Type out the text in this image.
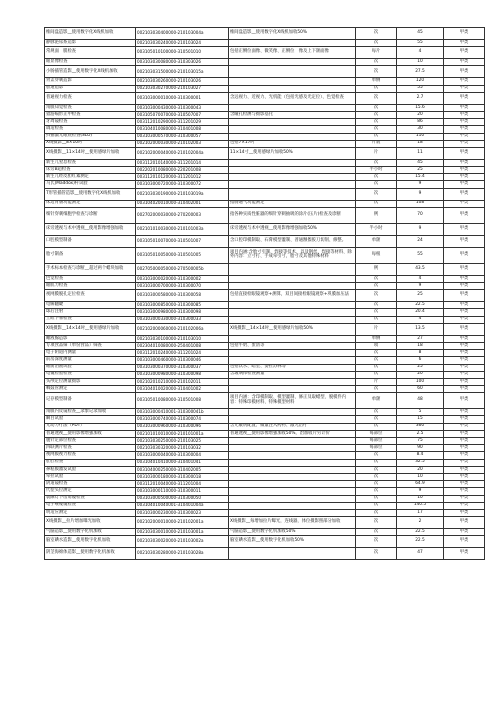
椎间盘造影__使用数字化X线机加收	002103030400000-210103004a	椎间盘造影__使用数字化X线机加收50%	次	45	甲类
静脉泌尿系造影	002103030240000-210103024		次	55	甲类
常规面　膜检查	003105010100000-310501010	包括正侧位面像、微笑像、正侧位　像及上下颌面像	每片	4	甲类
眼显像检查	003103030080000-310303026		次	10	甲类
小肠插管造影__使用数字化X线机加收	002103031500000-210103015a		次	27.5	甲类
肾盂穿刺造影	002103030260000-210103026		单侧	120	甲类
胆道造影	002103030270000-210103027		次	55	甲类
普通视力检查	003103000010000-310300001	含远视力、近视力、光机能（包括光感及光定位）、色觉检查	次	2.7	甲类
角膜知觉检查	003103000430000-310300043		次	15.6	甲类
猎游嗝形正中检查	003105070070000-310507007	含瞳孔检测与摄影基托	次	20	甲类
牙周镜检查	003112010290000-311201029		次	86	甲类
调适检查	003104010080000-310401008		次	30	甲类
扫描激光眼底检查(SLO)	003103000570000-310300057		次	110	甲类
X线摄影__8×10吋	002102000030000-210102003	包括7×17吋	片数	18	甲类
X线摄影__11×14吋__使用感绿片加收	002102000040000-210102004a	11×14寸__使用感绿片加收50%	片	11	甲类
新生儿窒息检查	003112010140000-311201014		次	45	甲类
床旁B超检查	002202010080000-220201008		半小时	25	甲类
新生儿经皮胆红素测定	003112010120000-311201012		次	15.4	甲类
马氏(Maddox)杆试验	003103000720000-310300072		次	9	甲类
T形管插管造影__使用数字化X线机加收	002103030190000-210103019a		次	9	甲类
床边胃肠功能测定	003104020010000-310402001	指肠通气功能测定	次	108	甲类
细针穿刺细胞学检查与诊断	002702000030000-270200003	指各种实质性脏器的细针穿刺抽吸的涂片(压片)检查及诊断	例	70	甲类
床旁透视与术中透视__使用影像增强加收	002101010030000-210101003a	床旁透视与术中透视__使用影像增强加收50%	半小时	9	甲类
口腔模型制备	003105010070000-310501007	含口腔印模制取、石膏模型灌制、普通濒擦胶刀切削、修整。	单颌	24	甲类
胎寸制备	003105010050000-310501005	项目内涵:含胎寸引制、焊接等技术，以及钢丝、焊接等材料、除外内容：立寸打、手成牵引寸，胎寸及其他特殊材料	每根	55	甲类
手术标本检查与诊断__超过两个蜡块加收	002705000050000-270500005b		例	43.5	甲类
色觉检查	003103000020000-310300002		次	4	甲类
眼肌力检查	003103000700000-310300070		次	9	甲类
视网膜脱孔定位检查	003103000580000-310300058	包括直接检眼镜观察+测算，双目间接检眼镜观察+巩膜加压法	次	25	甲类
电解翻睫	003103000850000-310300085		次	22.5	甲类
球后注射	003103000980000-310300098		次	20.4	甲类
上睑下垂检查	003103000330000-310300033		次	4	甲类
X线摄影__14×14吋__使用感绿片加收	002102000060000-210102006a	X线摄影__14×14吋__使用感绿片加收50%	片	13.5	甲类
睡液腺造影	002103030100000-210103010		单侧	27	甲类
专项食品筛（单份食品）筛查	002304010080000-250401008	包括牛奶、蛋清等	项	18	甲类
电子阴道内测量	003112010240000-311201024		次	8	甲类
前房深度测量	003103000460000-310300046		次	6	甲类
眼前泪液试验	003103000370000-310300037	包括饮水、暗室、妥拉苏林等	次	25	甲类
电镜检验检查	003103000980000-310300098	含玻璃体检查测量	次	20	甲类
头颅定位测量摄影	002102010210000-210102011		片	100	甲类
咽鼓管测定	003104010020000-310401002		次	60	甲类
记存模型制备	003105010080000-310501008	项目内涵：含印模制取、模型灌制、修正及取蜡型、脱模件内容：特殊印模材料、特殊模型材料	单颌	48	甲类
角膜内皮镜检查__录象记录加收	003103000410001-310300041b		次	5	甲类
瞬目试验	003103000740000-310300074		次	15	甲类
光动力疗法（PDT）	003103000960000-310300096	含光敏剂配置、微量注入药物、激光治疗	次	360	甲类
普通透视__使用影像增强加收	002101010010000-210101001a	普通透视__使用影像增强加收50%，治加收片另计价	每部位	2.5	甲类
腹针定部位检查	002103030250000-210103025		每部位	75	甲类
四联测片检查	002103030320000-210103032		每部位	90	甲类
视网膜视力检查	003103000040000-310300004		次	8.4	甲类
肛肛检查	003104010410000-310401041		次	32.5	甲类
鼻粘膜激发试验	003104000250000-310402005		次	20	甲类
牵拉试验	003103000180000-310300018		次	10	甲类
阴道镜检查	003112010040000-311201004		次	64.9	甲类
代偿头位测定	003103000110000-310300011		次	9	甲类
裂隙灯下房角镜检查	003103000500000-310300050		次	10	甲类
电子喉窥镜检查	003104010040001-310401004a		次	140.5	甲类
明适应测定	003103000230000-310300023		次	17	甲类
X线摄影__拉片增加曝光加收	002102000010000-210102001a	X线摄影__每增加拉片曝光，连线器，体位摄影照部分加收	次	2	甲类
气脑造影__使用数字化机加收	002103030010000-210103001a	气脑造影__使用数字化机加收50%	次	22.5	甲类
脑室碘水造影__使用数字化机加收	002103030020000-210103002a	脑室碘水造影__使用数字化机加收50%	次	22.5	甲类
阴茎海绵体造影__使用数字化机加收	002103030280000-210103028a		次	47	甲类
